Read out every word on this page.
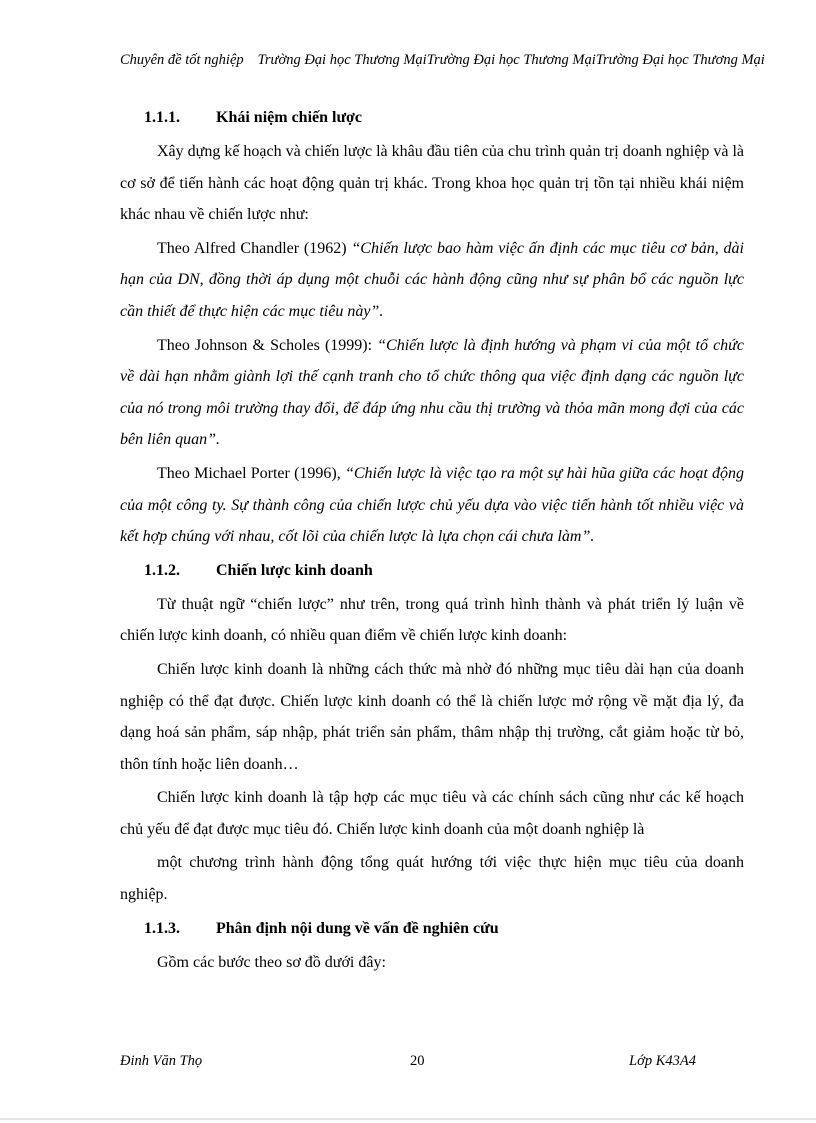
Chuyên đề tốt nghiệp Trường Đại học Thương MạiTrường Đại học Thương MạiTrường Đại học Thương Mại
1.1.1. Khái niệm chiến lược

Xây dựng kế hoạch và chiến lược là khâu đầu tiên của chu trình quản trị doanh nghiệp và là cơ sở để tiến hành các hoạt động quản trị khác. Trong khoa học quản trị tồn tại nhiều khái niệm khác nhau về chiến lược như:

Theo Alfred Chandler (1962) “Chiến lược bao hàm việc ấn định các mục tiêu cơ bản, dài hạn của DN, đồng thời áp dụng một chuỗi các hành động cũng như sự phân bổ các nguồn lực cần thiết để thực hiện các mục tiêu này”.

Theo Johnson & Scholes (1999): “Chiến lược là định hướng và phạm vi của một tổ chức về dài hạn nhằm giành lợi thế cạnh tranh cho tổ chức thông qua việc định dạng các nguồn lực của nó trong môi trường thay đổi, để đáp ứng nhu cầu thị trường và thỏa mãn mong đợi của các bên liên quan”.

Theo Michael Porter (1996), “Chiến lược là việc tạo ra một sự hài hũa giữa các hoạt động của một công ty. Sự thành công của chiến lược chủ yếu dựa vào việc tiến hành tốt nhiều việc và kết hợp chúng với nhau, cốt lõi của chiến lược là lựa chọn cái chưa làm”.

1.1.2. Chiến lược kinh doanh

Từ thuật ngữ “chiến lược” như trên, trong quá trình hình thành và phát triển lý luận về chiến lược kinh doanh, có nhiều quan điểm về chiến lược kinh doanh:

Chiến lược kinh doanh là những cách thức mà nhờ đó những mục tiêu dài hạn của doanh nghiệp có thể đạt được. Chiến lược kinh doanh có thể là chiến lược mở rộng về mặt địa lý, đa dạng hoá sản phẩm, sáp nhập, phát triển sản phẩm, thâm nhập thị trường, cắt giảm hoặc từ bỏ, thôn tính hoặc liên doanh…

Chiến lược kinh doanh là tập hợp các mục tiêu và các chính sách cũng như các kế hoạch chủ yếu để đạt được mục tiêu đó. Chiến lược kinh doanh của một doanh nghiệp là

một chương trình hành động tổng quát hướng tới việc thực hiện mục tiêu của doanh nghiệp.

1.1.3. Phân định nội dung về vấn đề nghiên cứu

Gồm các bước theo sơ đồ dưới đây:

Đinh Văn Thọ	20	Lớp K43A4
